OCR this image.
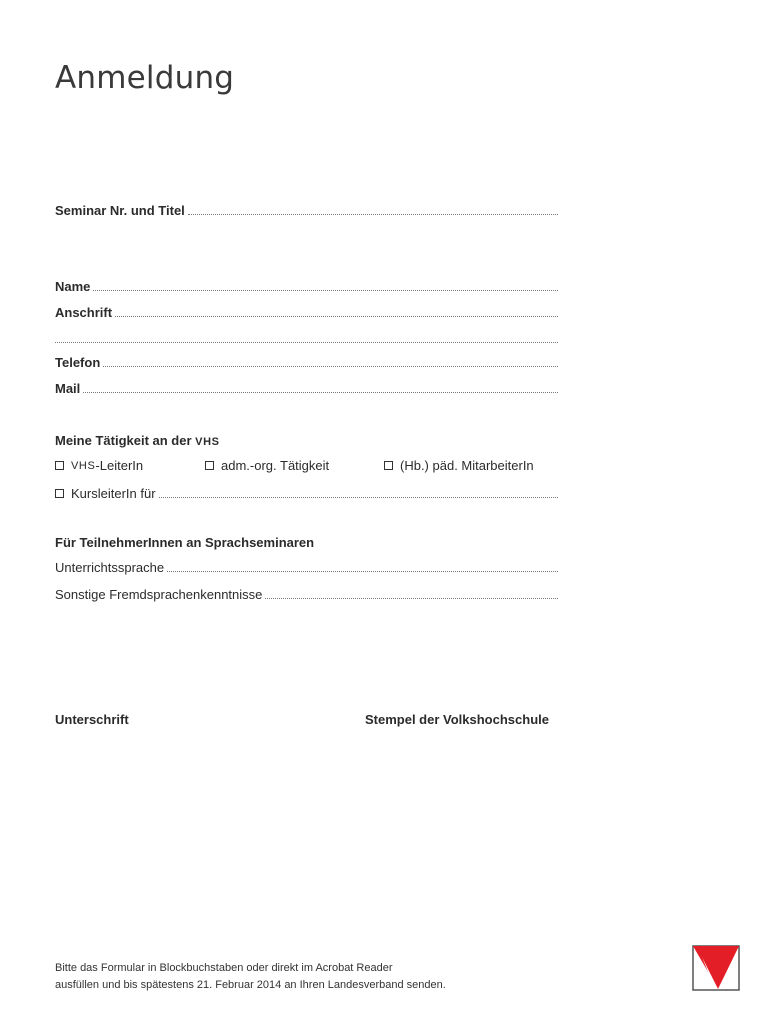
Anmeldung
Seminar Nr. und Titel
Name
Anschrift
Telefon
Mail
Meine Tätigkeit an der VHS
VHS -LeiterIn	adm.-org. Tätigkeit	(Hb.) päd. MitarbeiterIn
KursleiterIn für
Für TeilnehmerInnen an Sprachseminaren
Unterrichtssprache
Sonstige Fremdsprachenkenntnisse
Unterschrift	Stempel der Volkshochschule
Bitte das Formular in Blockbuchstaben oder direkt im Acrobat Reader
ausfüllen und bis spätestens 21. Februar 2014 an Ihren Landesverband senden.
